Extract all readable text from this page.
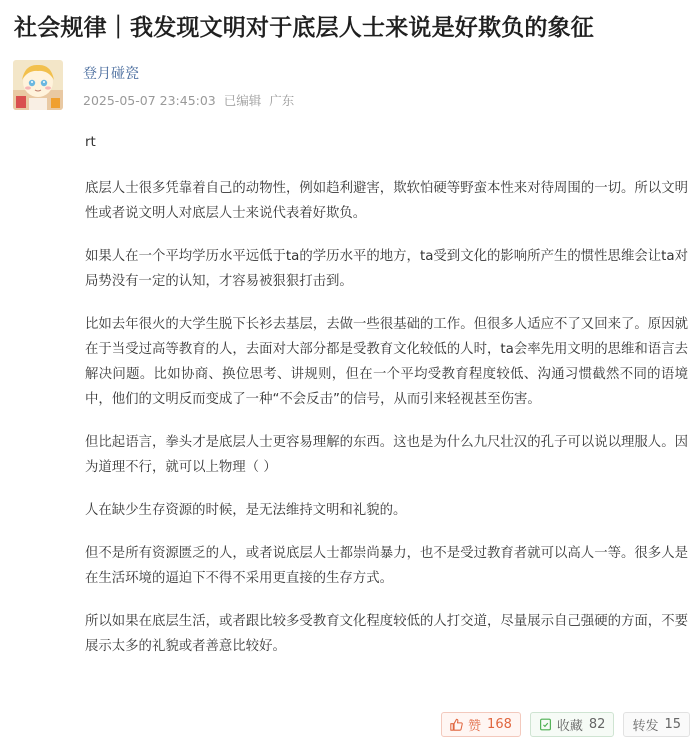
社会规律｜我发现文明对于底层人士来说是好欺负的象征
登月碰瓷
2025-05-07 23:45:03 已编辑 广东

rt

底层人士很多凭靠着自己的动物性，例如趋利避害，欺软怕硬等野蛮本性来对待周围的一切。所以文明性或者说文明人对底层人士来说代表着好欺负。

如果人在一个平均学历水平远低于ta的学历水平的地方，ta受到文化的影响所产生的惯性思维会让ta对局势没有一定的认知，才容易被狠狠打击到。

比如去年很火的大学生脱下长衫去基层，去做一些很基础的工作。但很多人适应不了又回来了。原因就在于当受过高等教育的人，去面对大部分都是受教育文化较低的人时，ta会率先用文明的思维和语言去解决问题。比如协商、换位思考、讲规则，但在一个平均受教育程度较低、沟通习惯截然不同的语境中，他们的文明反而变成了一种“不会反击”的信号，从而引来轻视甚至伤害。

但比起语言，拳头才是底层人士更容易理解的东西。这也是为什么九尺壮汉的孔子可以说以理服人。因为道理不行，就可以上物理（ ）

人在缺少生存资源的时候，是无法维持文明和礼貌的。

但不是所有资源匮乏的人，或者说底层人士都崇尚暴力，也不是受过教育者就可以高人一等。很多人是在生活环境的逼迫下不得不采用更直接的生存方式。

所以如果在底层生活，或者跟比较多受教育文化程度较低的人打交道，尽量展示自己强硬的方面，不要展示太多的礼貌或者善意比较好。

赞 168	收藏 82 转发 15
